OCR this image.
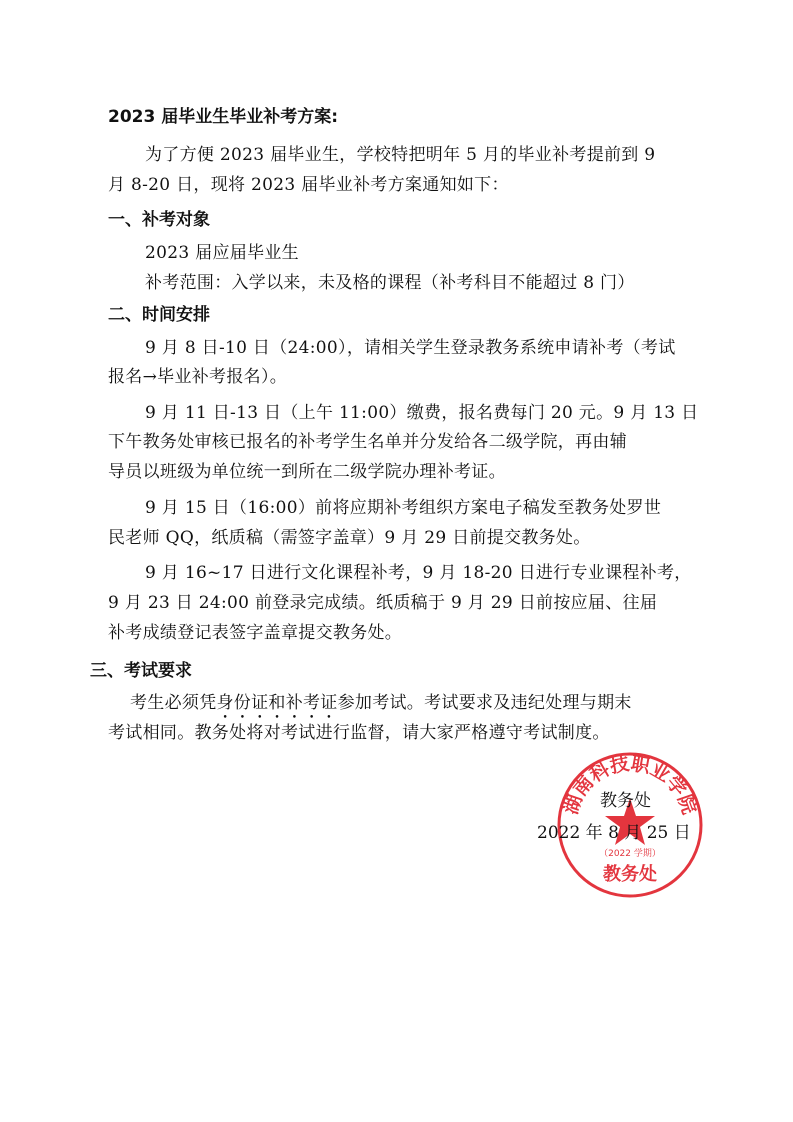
2023 届毕业生毕业补考方案:
为了方便 2023 届毕业生，学校特把明年 5 月的毕业补考提前到 9
月 8-20 日，现将 2023 届毕业补考方案通知如下：
一、补考对象
2023 届应届毕业生
补考范围：入学以来，未及格的课程（补考科目不能超过 8 门）
二、时间安排
9 月 8 日-10 日（24:00），请相关学生登录教务系统申请补考（考试
报名→毕业补考报名）。
9 月 11 日-13 日（上午 11:00）缴费，报名费每门 20 元。9 月 13 日
下午教务处审核已报名的补考学生名单并分发给各二级学院，再由辅
导员以班级为单位统一到所在二级学院办理补考证。
9 月 15 日（16:00）前将应期补考组织方案电子稿发至教务处罗世
民老师 QQ，纸质稿（需签字盖章）9 月 29 日前提交教务处。
9 月 16~17 日进行文化课程补考，9 月 18-20 日进行专业课程补考，
9 月 23 日 24:00 前登录完成绩。纸质稿于 9 月 29 日前按应届、往届
补考成绩登记表签字盖章提交教务处。
三、考试要求
考生必须凭身份证和补考证参加考试。考试要求及违纪处理与期末
考试相同。教务处将对考试进行监督，请大家严格遵守考试制度。
湖南科技职业学院
教务处
（2022 学期）
教务处
2022 年 8 月 25 日
